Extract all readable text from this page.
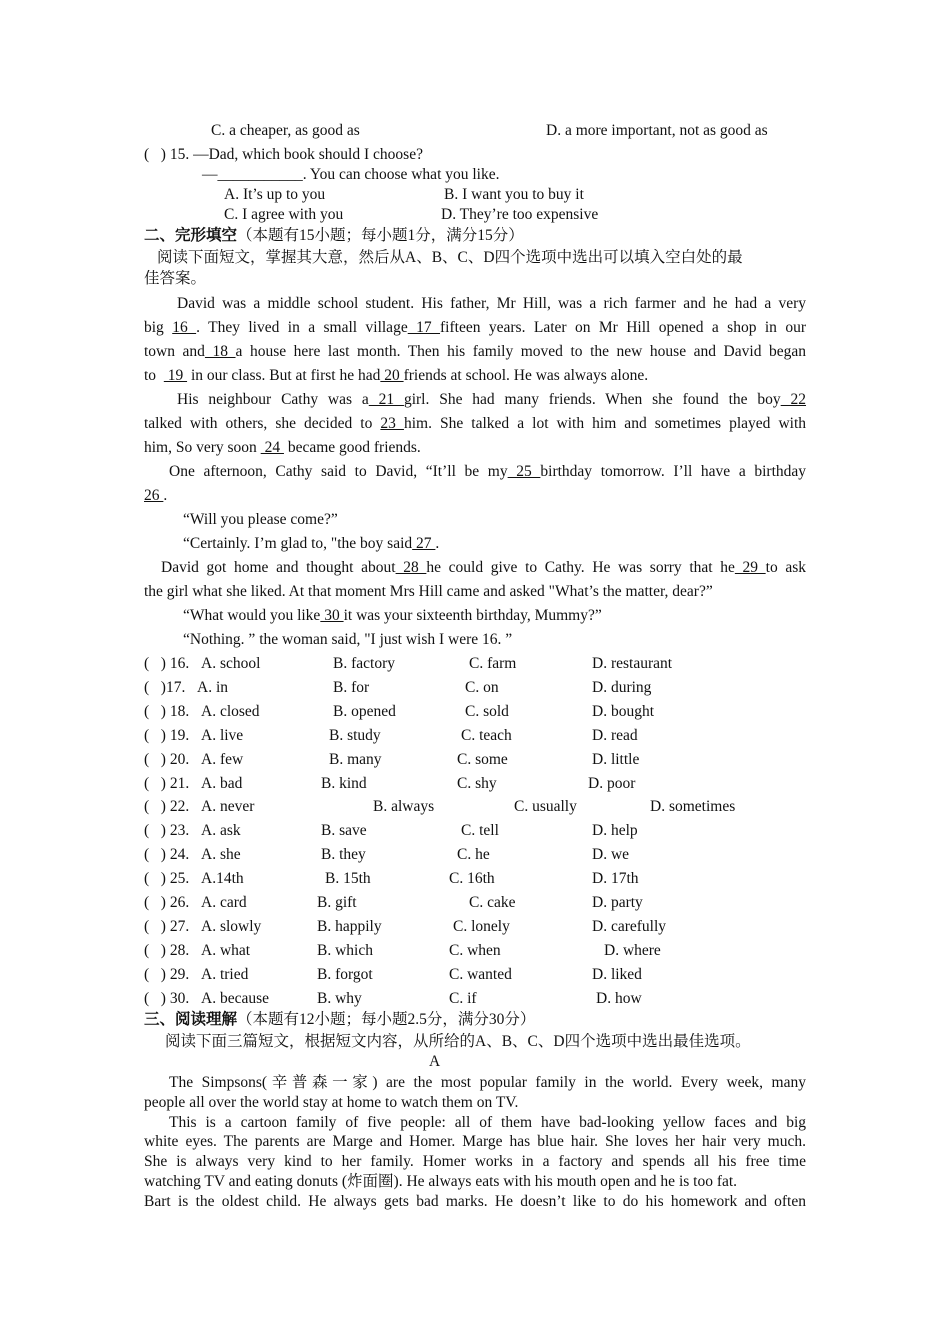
C. a cheaper, as good as	D. a more important, not as good as
(   ) 15. —Dad, which book should I choose?
—___________. You can choose what you like.
A. It’s up to you	B. I want you to buy it
C. I agree with you	D. They’re too expensive
二、完形填空（本题有15小题；每小题1分，满分15分）
阅读下面短文，掌握其大意，然后从A、B、C、D四个选项中选出可以填入空白处的最
佳答案。
David was a middle school student. His father, Mr Hill, was a rich farmer and he had a very
big 16 . They lived in a small village 17 fifteen years. Later on Mr Hill opened a shop in our
town and 18 a house here last month. Then his family moved to the new house and David began
to   19  in our class. But at first he had 20 friends at school. He was always alone.
His neighbour Cathy was a 21 girl. She had many friends. When she found the boy 22
talked with others, she decided to 23 him. She talked a lot with him and sometimes played with
him, So very soon  24  became good friends.
One afternoon, Cathy said to David, “It’ll be my 25 birthday tomorrow. I’ll have a birthday
26 .
“Will you please come?”
“Certainly. I’m glad to, "the boy said 27 .
David got home and thought about 28 he could give to Cathy. He was sorry that he 29 to ask
the girl what she liked. At that moment Mrs Hill came and asked "What’s the matter, dear?”
“What would you like 30 it was your sixteenth birthday, Mummy?”
“Nothing. ” the woman said, "I just wish I were 16. ”
(   ) 16. A. school	B. factory	C. farm	D. restaurant
(   )17. A. in	B. for	C. on	D. during
(   ) 18. A. closed	B. opened	C. sold	D. bought
(   ) 19. A. live	B. study	C. teach	D. read
(   ) 20. A. few	B. many	C. some	D. little
(   ) 21. A. bad	B. kind	C. shy	D. poor
(   ) 22. A. never	B. always	C. usually	D. sometimes
(   ) 23. A. ask	B. save	C. tell	D. help
(   ) 24. A. she	B. they	C. he	D. we
(   ) 25. A.14th	B. 15th	C. 16th	D. 17th
(   ) 26. A. card	B. gift	C. cake	D. party
(   ) 27. A. slowly	B. happily	C. lonely	D. carefully
(   ) 28. A. what	B. which	C. when	D. where
(   ) 29. A. tried	B. forgot	C. wanted	D. liked
(   ) 30. A. because	B. why	C. if	D. how
三、阅读理解（本题有12小题；每小题2.5分，满分30分）
阅读下面三篇短文，根据短文内容，从所给的A、B、C、D四个选项中选出最佳选项。
A
The Simpsons(辛普森一家) are the most popular family in the world. Every week, many
people all over the world stay at home to watch them on TV.
This is a cartoon family of five people: all of them have bad-looking yellow faces and big
white eyes. The parents are Marge and Homer. Marge has blue hair. She loves her hair very much.
She is always very kind to her family. Homer works in a factory and spends all his free time
watching TV and eating donuts (炸面圈). He always eats with his mouth open and he is too fat.
Bart is the oldest child. He always gets bad marks. He doesn’t like to do his homework and often
